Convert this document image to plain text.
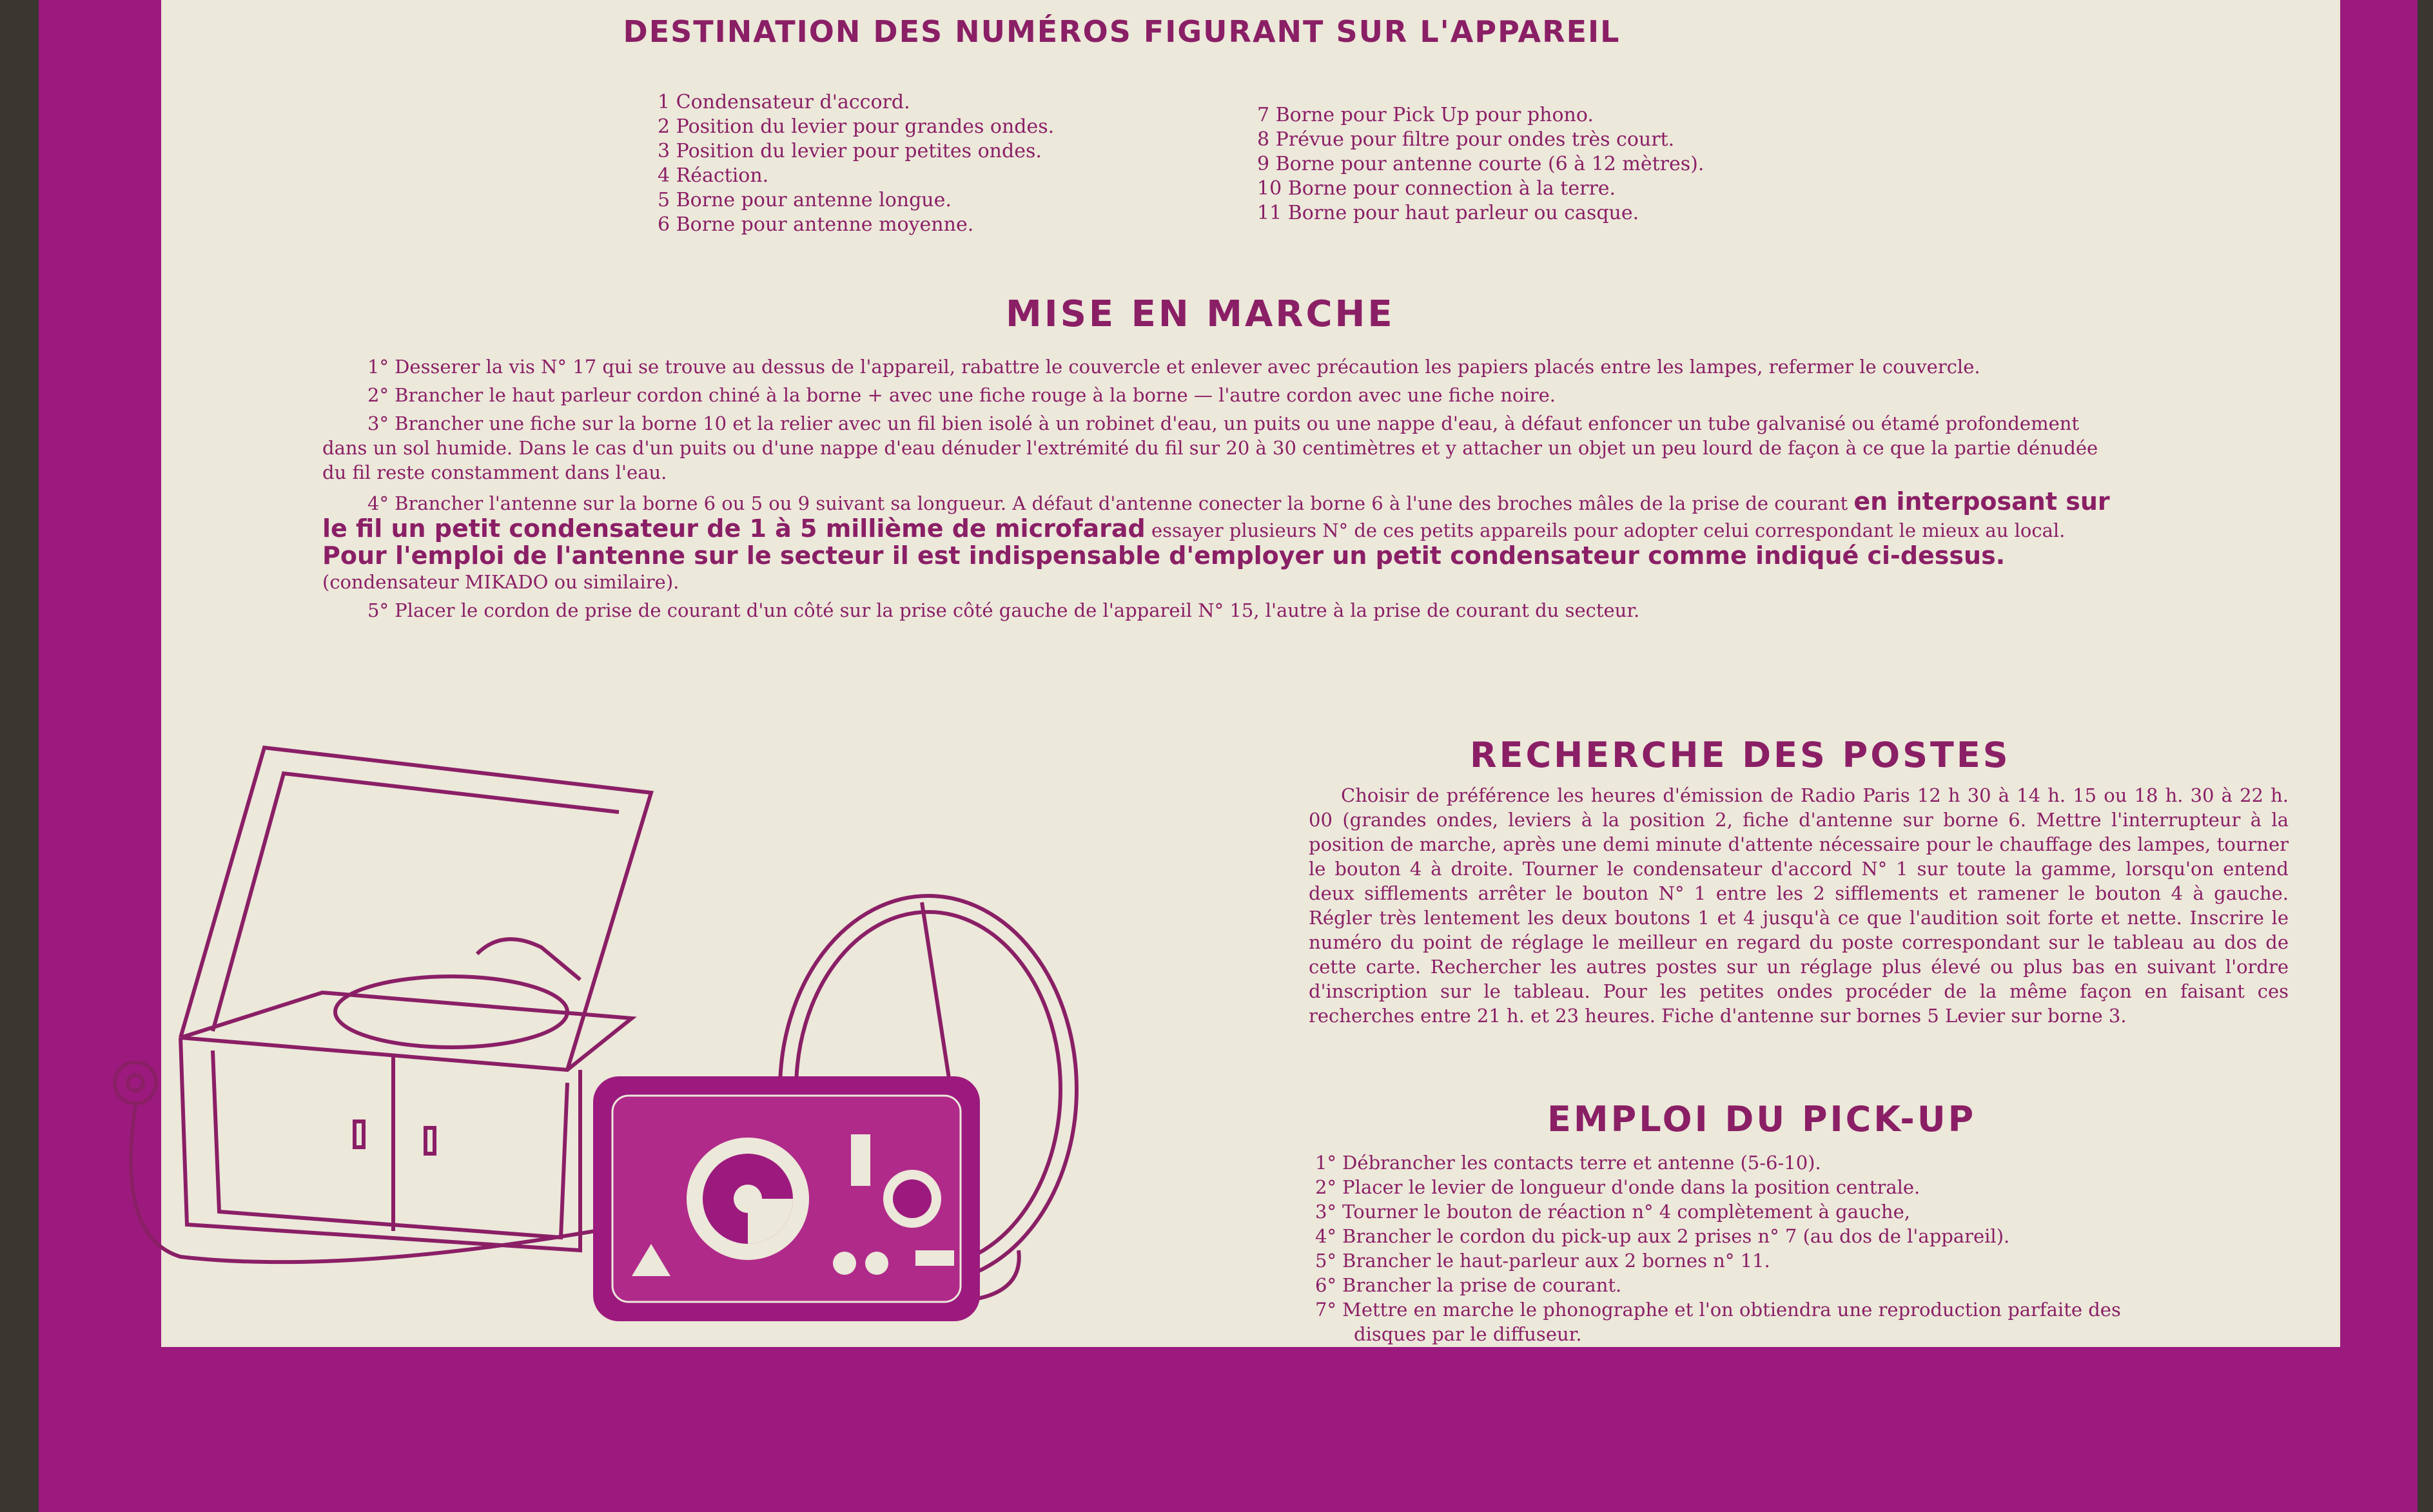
DESTINATION DES NUMÉROS FIGURANT SUR L'APPAREIL
1 Condensateur d'accord.
2 Position du levier pour grandes ondes.
3 Position du levier pour petites ondes.
4 Réaction.
5 Borne pour antenne longue.
6 Borne pour antenne moyenne.
7 Borne pour Pick Up pour phono.
8 Prévue pour filtre pour ondes très court.
9 Borne pour antenne courte (6 à 12 mètres).
10 Borne pour connection à la terre.
11 Borne pour haut parleur ou casque.
MISE EN MARCHE

1° Desserer la vis N° 17 qui se trouve au dessus de l'appareil, rabattre le couvercle et enlever avec précaution les papiers placés entre les lampes, refermer le couvercle.

2° Brancher le haut parleur cordon chiné à la borne + avec une fiche rouge à la borne — l'autre cordon avec une fiche noire.

3° Brancher une fiche sur la borne 10 et la relier avec un fil bien isolé à un robinet d'eau, un puits ou une nappe d'eau, à défaut enfoncer un tube galvanisé ou étamé profondement dans un sol humide. Dans le cas d'un puits ou d'une nappe d'eau dénuder l'extrémité du fil sur 20 à 30 centimètres et y attacher un objet un peu lourd de façon à ce que la partie dénudée du fil reste constamment dans l'eau.

4° Brancher l'antenne sur la borne 6 ou 5 ou 9 suivant sa longueur. A défaut d'antenne conecter la borne 6 à l'une des broches mâles de la prise de courant en interposant sur le fil un petit condensateur de 1 à 5 millième de microfarad essayer plusieurs N° de ces petits appareils pour adopter celui correspondant le mieux au local. Pour l'emploi de l'antenne sur le secteur il est indispensable d'employer un petit condensateur comme indiqué ci-dessus. (condensateur MIKADO ou similaire).

5° Placer le cordon de prise de courant d'un côté sur la prise côté gauche de l'appareil N° 15, l'autre à la prise de courant du secteur.

RECHERCHE DES POSTES

Choisir de préférence les heures d'émission de Radio Paris 12 h 30 à 14 h. 15 ou 18 h. 30 à 22 h. 00 (grandes ondes, leviers à la position 2, fiche d'antenne sur borne 6. Mettre l'interrupteur à la position de marche, après une demi minute d'attente nécessaire pour le chauffage des lampes, tourner le bouton 4 à droite. Tourner le condensateur d'accord N° 1 sur toute la gamme, lorsqu'on entend deux sifflements arrêter le bouton N° 1 entre les 2 sifflements et ramener le bouton 4 à gauche. Régler très lentement les deux boutons 1 et 4 jusqu'à ce que l'audition soit forte et nette. Inscrire le numéro du point de réglage le meilleur en regard du poste correspondant sur le tableau au dos de cette carte. Rechercher les autres postes sur un réglage plus élevé ou plus bas en suivant l'ordre d'inscription sur le tableau. Pour les petites ondes procéder de la même façon en faisant ces recherches entre 21 h. et 23 heures. Fiche d'antenne sur bornes 5 Levier sur borne 3.

EMPLOI DU PICK-UP
1° Débrancher les contacts terre et antenne (5-6-10).
2° Placer le levier de longueur d'onde dans la position centrale.
3° Tourner le bouton de réaction n° 4 complètement à gauche,
4° Brancher le cordon du pick-up aux 2 prises n° 7 (au dos de l'appareil).
5° Brancher le haut-parleur aux 2 bornes n° 11.
6° Brancher la prise de courant.
7° Mettre en marche le phonographe et l'on obtiendra une reproduction parfaite des
disques par le diffuseur.
